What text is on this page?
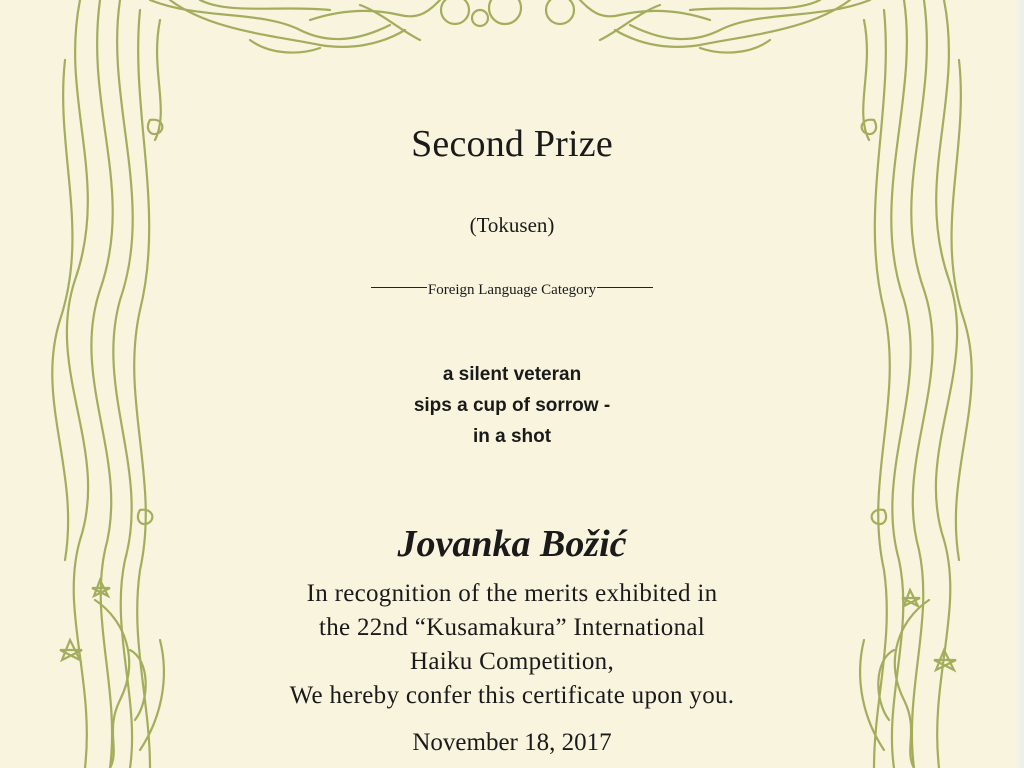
Second Prize
(Tokusen)
Foreign Language Category
a silent veteran
sips a cup of sorrow -
in a shot
Jovanka Božić
In recognition of the merits exhibited in
the 22nd “Kusamakura” International
Haiku Competition,
We hereby confer this certificate upon you.
November 18, 2017
